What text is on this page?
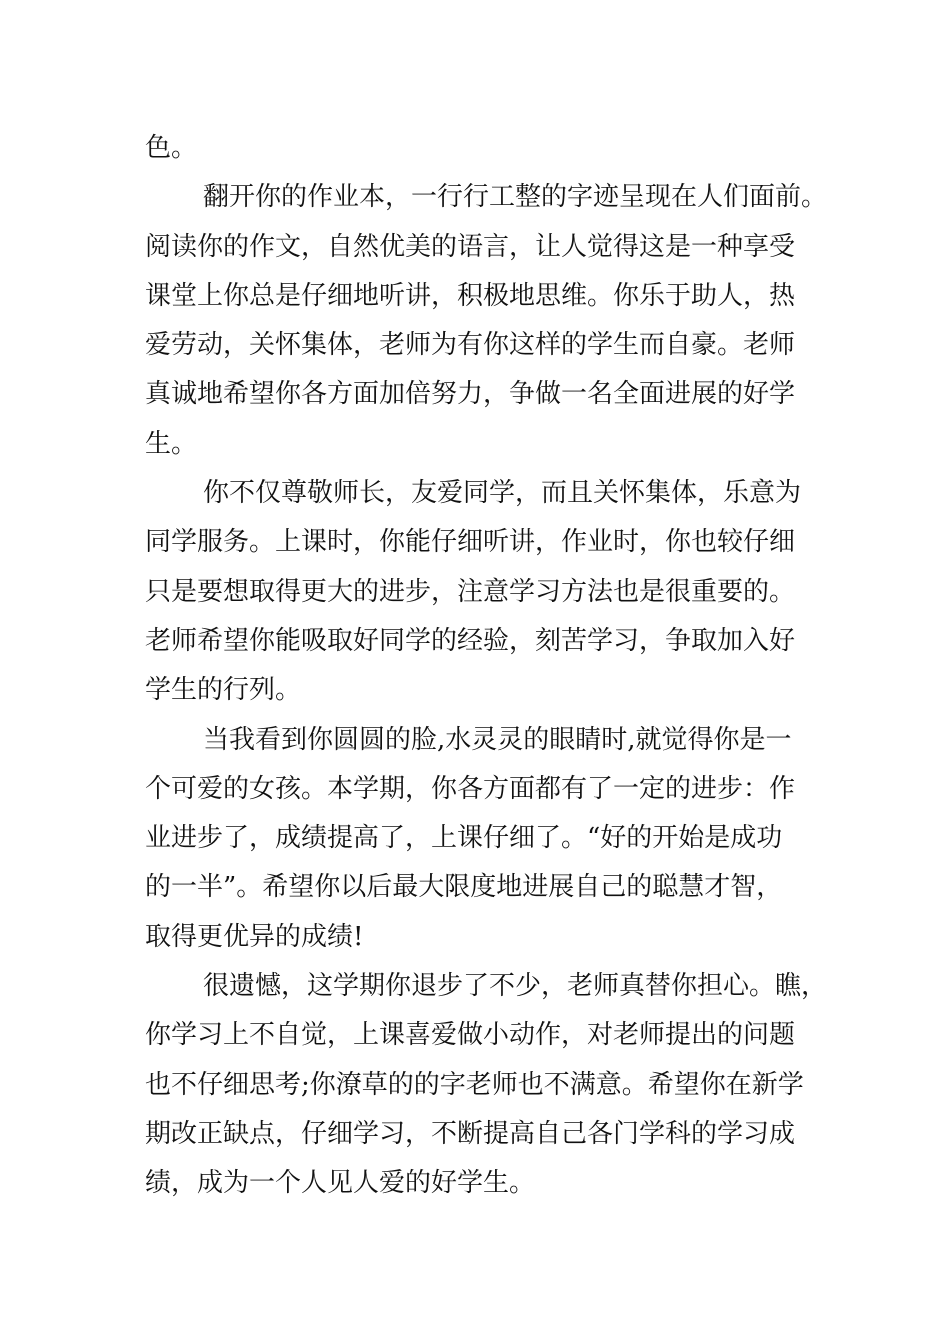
色。
翻开你的作业本，一行行工整的字迹呈现在人们面前。
阅读你的作文，自然优美的语言，让人觉得这是一种享受
课堂上你总是仔细地听讲，积极地思维。你乐于助人，热
爱劳动，关怀集体，老师为有你这样的学生而自豪。老师
真诚地希望你各方面加倍努力，争做一名全面进展的好学
生。
你不仅尊敬师长，友爱同学，而且关怀集体，乐意为
同学服务。上课时，你能仔细听讲，作业时，你也较仔细
只是要想取得更大的进步，注意学习方法也是很重要的。
老师希望你能吸取好同学的经验，刻苦学习，争取加入好
学生的行列。
当我看到你圆圆的脸,水灵灵的眼睛时,就觉得你是一
个可爱的女孩。本学期，你各方面都有了一定的进步：作
业进步了，成绩提高了，上课仔细了。“好的开始是成功
的一半”。希望你以后最大限度地进展自己的聪慧才智，
取得更优异的成绩!
很遗憾，这学期你退步了不少，老师真替你担心。瞧，
你学习上不自觉，上课喜爱做小动作，对老师提出的问题
也不仔细思考;你潦草的的字老师也不满意。希望你在新学
期改正缺点，仔细学习，不断提高自己各门学科的学习成
绩，成为一个人见人爱的好学生。
